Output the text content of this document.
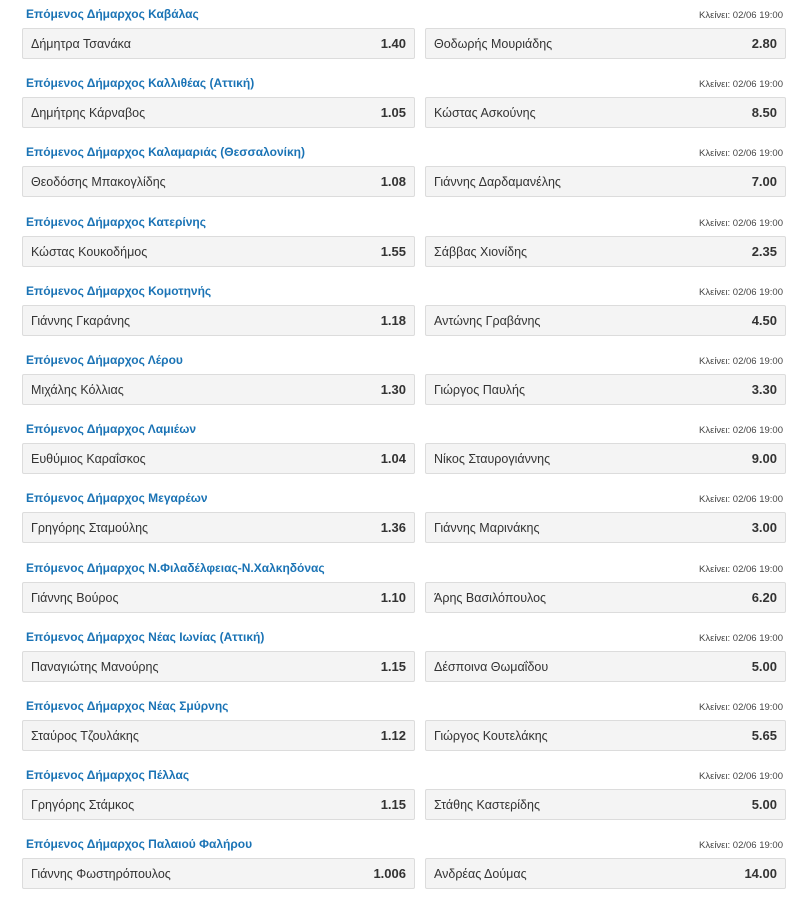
Επόμενος Δήμαρχος Καβάλας	Κλείνει: 02/06 19:00
Δήμητρα Τσανάκα	1.40 Θοδωρής Μουριάδης	2.80
Επόμενος Δήμαρχος Καλλιθέας (Αττική)	Κλείνει: 02/06 19:00
Δημήτρης Κάρναβος	1.05 Κώστας Ασκούνης	8.50
Επόμενος Δήμαρχος Καλαμαριάς (Θεσσαλονίκη)	Κλείνει: 02/06 19:00
Θεοδόσης Μπακογλίδης	1.08 Γιάννης Δαρδαμανέλης	7.00
Επόμενος Δήμαρχος Κατερίνης	Κλείνει: 02/06 19:00
Κώστας Κουκοδήμος	1.55 Σάββας Χιονίδης	2.35
Επόμενος Δήμαρχος Κομοτηνής	Κλείνει: 02/06 19:00
Γιάννης Γκαράνης	1.18 Αντώνης Γραβάνης	4.50
Επόμενος Δήμαρχος Λέρου	Κλείνει: 02/06 19:00
Μιχάλης Κόλλιας	1.30 Γιώργος Παυλής	3.30
Επόμενος Δήμαρχος Λαμιέων	Κλείνει: 02/06 19:00
Ευθύμιος Καραΐσκος	1.04 Νίκος Σταυρογιάννης	9.00
Επόμενος Δήμαρχος Μεγαρέων	Κλείνει: 02/06 19:00
Γρηγόρης Σταμούλης	1.36 Γιάννης Μαρινάκης	3.00
Επόμενος Δήμαρχος Ν.Φιλαδέλφειας-Ν.Χαλκηδόνας	Κλείνει: 02/06 19:00
Γιάννης Βούρος	1.10 Άρης Βασιλόπουλος	6.20
Επόμενος Δήμαρχος Νέας Ιωνίας (Αττική)	Κλείνει: 02/06 19:00
Παναγιώτης Μανούρης	1.15 Δέσποινα Θωμαΐδου	5.00
Επόμενος Δήμαρχος Νέας Σμύρνης	Κλείνει: 02/06 19:00
Σταύρος Τζουλάκης	1.12 Γιώργος Κουτελάκης	5.65
Επόμενος Δήμαρχος Πέλλας	Κλείνει: 02/06 19:00
Γρηγόρης Στάμκος	1.15 Στάθης Καστερίδης	5.00
Επόμενος Δήμαρχος Παλαιού Φαλήρου	Κλείνει: 02/06 19:00
Γιάννης Φωστηρόπουλος	1.006 Ανδρέας Δούμας	14.00
